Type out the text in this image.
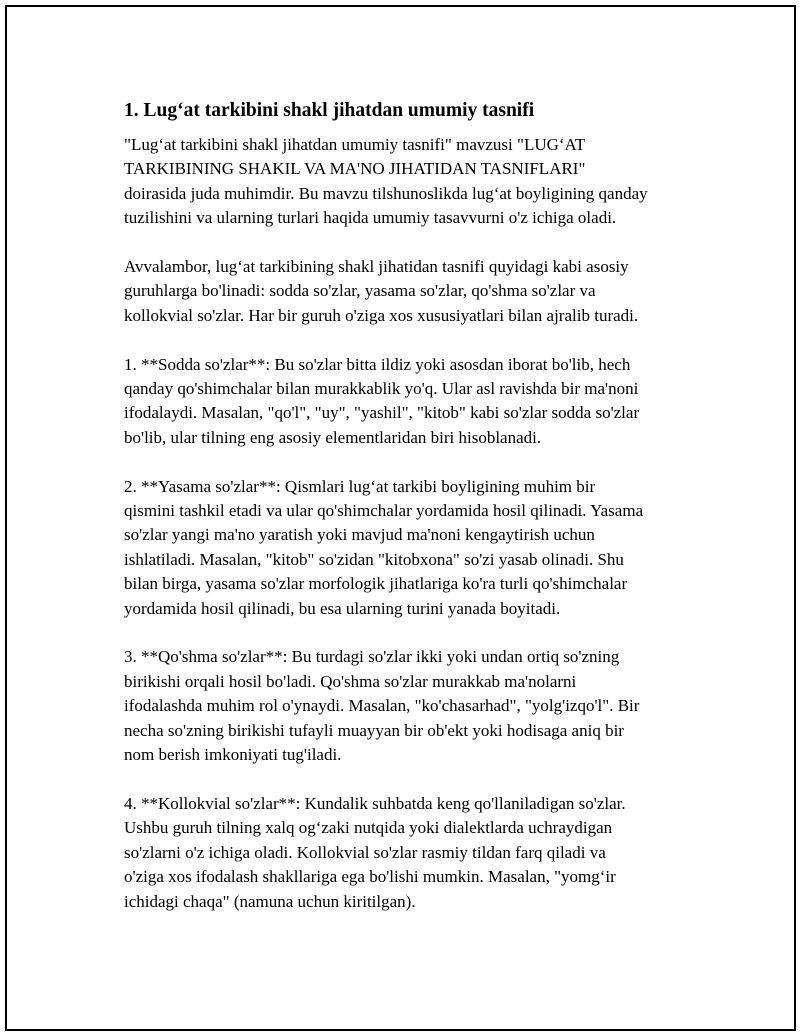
1. Lug‘at tarkibini shakl jihatdan umumiy tasnifi

"Lug‘at tarkibini shakl jihatdan umumiy tasnifi" mavzusi "LUG‘AT
TARKIBINING SHAKIL VA MA'NO JIHATIDAN TASNIFLARI"
doirasida juda muhimdir. Bu mavzu tilshunoslikda lug‘at boyligining qanday
tuzilishini va ularning turlari haqida umumiy tasavvurni o'z ichiga oladi.

Avvalambor, lug‘at tarkibining shakl jihatidan tasnifi quyidagi kabi asosiy
guruhlarga bo'linadi: sodda so'zlar, yasama so'zlar, qo'shma so'zlar va
kollokvial so'zlar. Har bir guruh o'ziga xos xususiyatlari bilan ajralib turadi.

1. **Sodda so'zlar**: Bu so'zlar bitta ildiz yoki asosdan iborat bo'lib, hech
qanday qo'shimchalar bilan murakkablik yo'q. Ular asl ravishda bir ma'noni
ifodalaydi. Masalan, "qo'l", "uy", "yashil", "kitob" kabi so'zlar sodda so'zlar
bo'lib, ular tilning eng asosiy elementlaridan biri hisoblanadi.

2. **Yasama so'zlar**: Qismlari lug‘at tarkibi boyligining muhim bir
qismini tashkil etadi va ular qo'shimchalar yordamida hosil qilinadi. Yasama
so'zlar yangi ma'no yaratish yoki mavjud ma'noni kengaytirish uchun
ishlatiladi. Masalan, "kitob" so'zidan "kitobxona" so'zi yasab olinadi. Shu
bilan birga, yasama so'zlar morfologik jihatlariga ko'ra turli qo'shimchalar
yordamida hosil qilinadi, bu esa ularning turini yanada boyitadi.

3. **Qo'shma so'zlar**: Bu turdagi so'zlar ikki yoki undan ortiq so'zning
birikishi orqali hosil bo'ladi. Qo'shma so'zlar murakkab ma'nolarni
ifodalashda muhim rol o'ynaydi. Masalan, "ko'chasarhad", "yolg'izqo'l". Bir
necha so'zning birikishi tufayli muayyan bir ob'ekt yoki hodisaga aniq bir
nom berish imkoniyati tug'iladi.

4. **Kollokvial so'zlar**: Kundalik suhbatda keng qo'llaniladigan so'zlar.
Ushbu guruh tilning xalq og‘zaki nutqida yoki dialektlarda uchraydigan
so'zlarni o'z ichiga oladi. Kollokvial so'zlar rasmiy tildan farq qiladi va
o'ziga xos ifodalash shakllariga ega bo'lishi mumkin. Masalan, "yomg‘ir
ichidagi chaqa" (namuna uchun kiritilgan).
